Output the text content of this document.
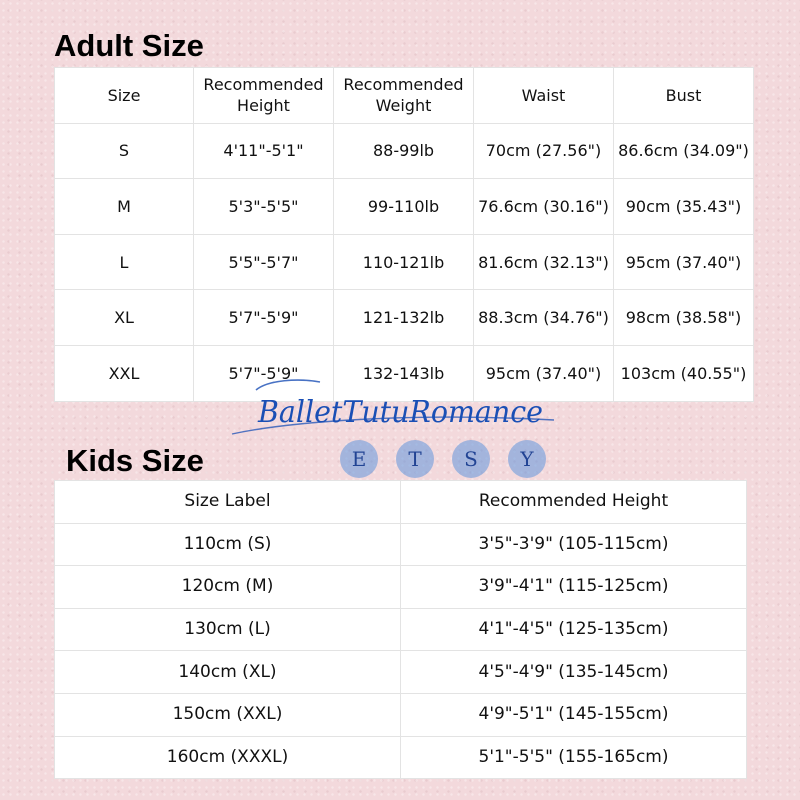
Adult Size
Size	Recommended Height	Recommended Weight	Waist	Bust
S	4'11"-5'1"	88-99lb	70cm (27.56")	86.6cm (34.09")
M	5'3"-5'5"	99-110lb	76.6cm (30.16")	90cm (35.43")
L	5'5"-5'7"	110-121lb	81.6cm (32.13")	95cm (37.40")
XL	5'7"-5'9"	121-132lb	88.3cm (34.76")	98cm (38.58")
XXL	5'7"-5'9"	132-143lb	95cm (37.40")	103cm (40.55")
Kids Size
Size Label	Recommended Height
110cm (S)	3'5"-3'9" (105-115cm)
120cm (M)	3'9"-4'1" (115-125cm)
130cm (L)	4'1"-4'5" (125-135cm)
140cm (XL)	4'5"-4'9" (135-145cm)
150cm (XXL)	4'9"-5'1" (145-155cm)
160cm (XXXL)	5'1"-5'5" (155-165cm)
BalletTutuRomance
E	T	S	Y
